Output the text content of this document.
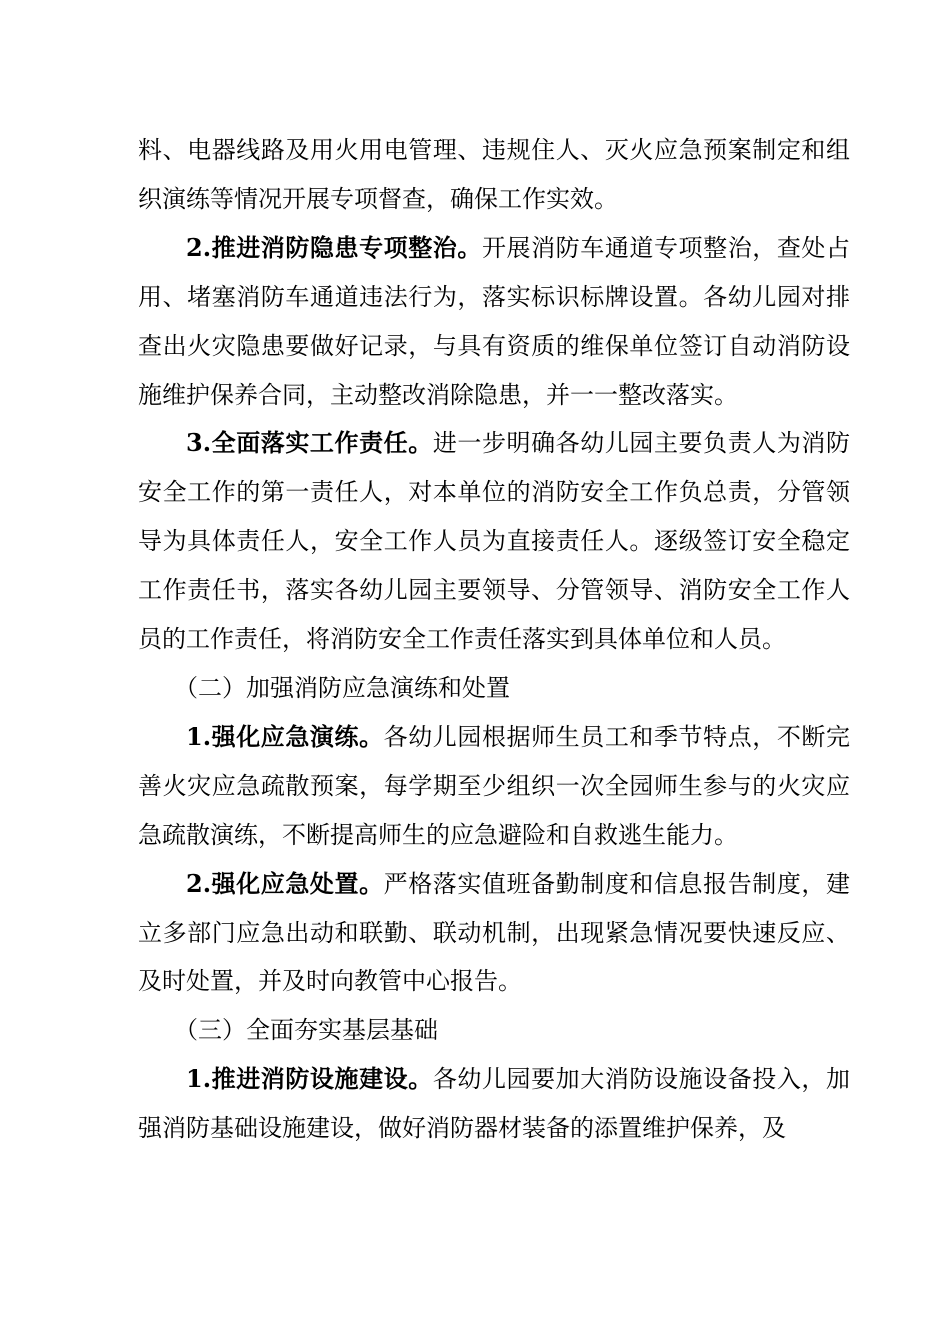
料、电器线路及用火用电管理、违规住人、灭火应急预案制定和组织演练等情况开展专项督查，确保工作实效。

2.推进消防隐患专项整治。开展消防车通道专项整治，查处占用、堵塞消防车通道违法行为，落实标识标牌设置。各幼儿园对排查出火灾隐患要做好记录，与具有资质的维保单位签订自动消防设施维护保养合同，主动整改消除隐患，并一一整改落实。

3.全面落实工作责任。进一步明确各幼儿园主要负责人为消防安全工作的第一责任人，对本单位的消防安全工作负总责，分管领导为具体责任人，安全工作人员为直接责任人。逐级签订安全稳定工作责任书，落实各幼儿园主要领导、分管领导、消防安全工作人员的工作责任，将消防安全工作责任落实到具体单位和人员。

（二）加强消防应急演练和处置

1.强化应急演练。各幼儿园根据师生员工和季节特点，不断完善火灾应急疏散预案，每学期至少组织一次全园师生参与的火灾应急疏散演练，不断提高师生的应急避险和自救逃生能力。

2.强化应急处置。严格落实值班备勤制度和信息报告制度，建立多部门应急出动和联勤、联动机制，出现紧急情况要快速反应、及时处置，并及时向教管中心报告。

（三）全面夯实基层基础

1.推进消防设施建设。各幼儿园要加大消防设施设备投入，加强消防基础设施建设，做好消防器材装备的添置维护保养，及
